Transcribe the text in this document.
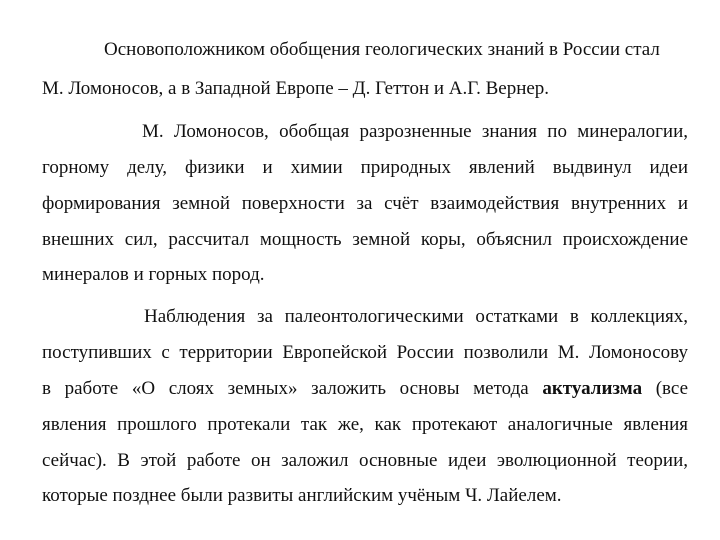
Основоположником обобщения геологических знаний в России стал
М. Ломоносов, а в Западной Европе – Д. Геттон и А.Г. Вернер.
М. Ломоносов, обобщая разрозненные знания по минералогии,
горному делу, физики и химии природных явлений выдвинул идеи
формирования земной поверхности за счёт взаимодействия внутренних и
внешних сил, рассчитал мощность земной коры, объяснил происхождение
минералов и горных пород.
Наблюдения за палеонтологическими остатками в коллекциях,
поступивших с территории Европейской России позволили М. Ломоносову
в работе «О слоях земных» заложить основы метода актуализма (все
явления прошлого протекали так же, как протекают аналогичные явления
сейчас). В этой работе он заложил основные идеи эволюционной теории,
которые позднее были развиты английским учёным Ч. Лайелем.
